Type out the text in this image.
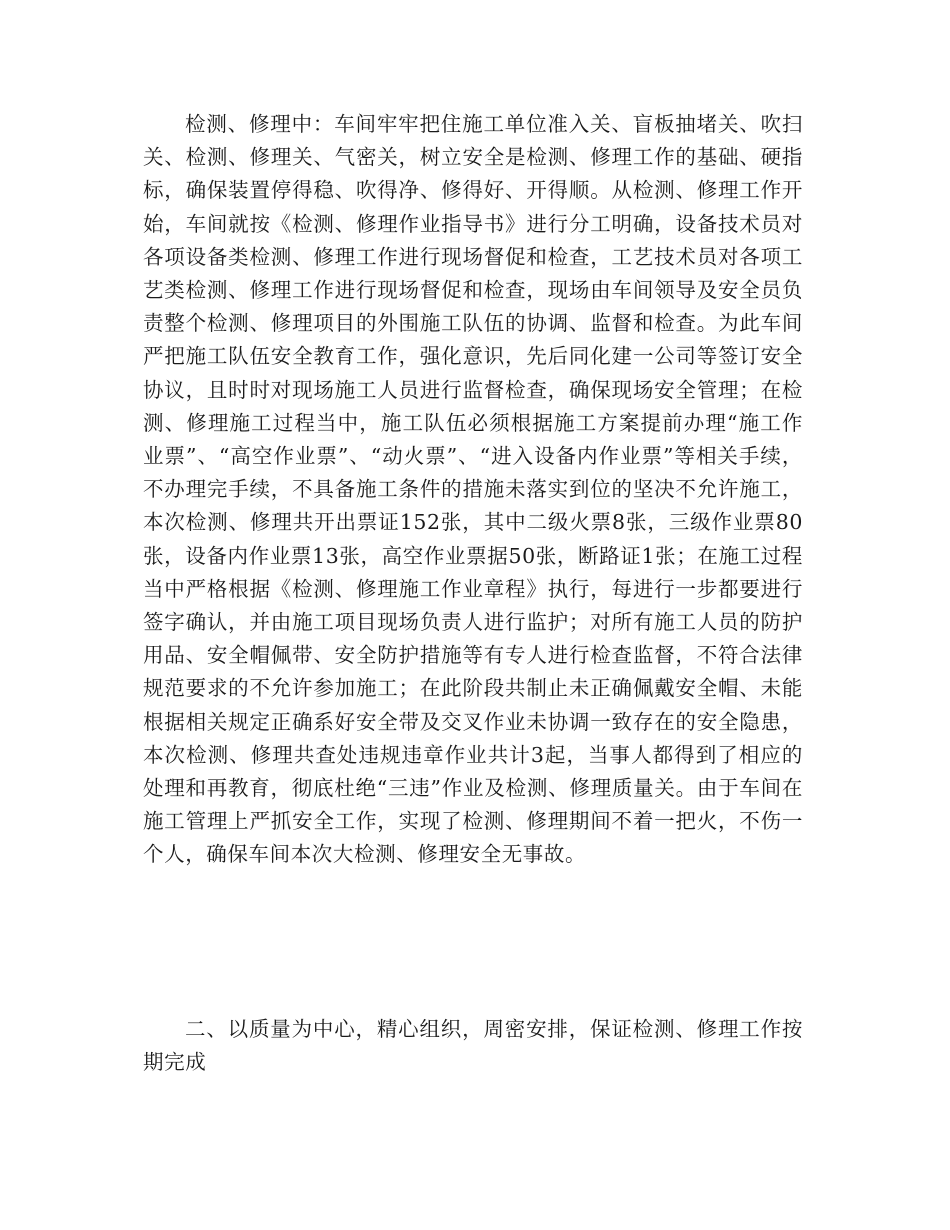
检测、修理中：车间牢牢把住施工单位准入关、盲板抽堵关、吹扫关、检测、修理关、气密关，树立安全是检测、修理工作的基础、硬指标，确保装置停得稳、吹得净、修得好、开得顺。从检测、修理工作开始，车间就按《检测、修理作业指导书》进行分工明确，设备技术员对各项设备类检测、修理工作进行现场督促和检查，工艺技术员对各项工艺类检测、修理工作进行现场督促和检查，现场由车间领导及安全员负责整个检测、修理项目的外围施工队伍的协调、监督和检查。为此车间严把施工队伍安全教育工作，强化意识，先后同化建一公司等签订安全协议，且时时对现场施工人员进行监督检查，确保现场安全管理；在检测、修理施工过程当中，施工队伍必须根据施工方案提前办理“施工作业票”、“高空作业票”、“动火票”、“进入设备内作业票”等相关手续，不办理完手续，不具备施工条件的措施未落实到位的坚决不允许施工，本次检测、修理共开出票证152张，其中二级火票8张，三级作业票80张，设备内作业票13张，高空作业票据50张，断路证1张；在施工过程当中严格根据《检测、修理施工作业章程》执行，每进行一步都要进行签字确认，并由施工项目现场负责人进行监护；对所有施工人员的防护用品、安全帽佩带、安全防护措施等有专人进行检查监督，不符合法律规范要求的不允许参加施工；在此阶段共制止未正确佩戴安全帽、未能根据相关规定正确系好安全带及交叉作业未协调一致存在的安全隐患，本次检测、修理共查处违规违章作业共计3起，当事人都得到了相应的处理和再教育，彻底杜绝“三违”作业及检测、修理质量关。由于车间在施工管理上严抓安全工作，实现了检测、修理期间不着一把火，不伤一个人，确保车间本次大检测、修理安全无事故。

二、以质量为中心，精心组织，周密安排，保证检测、修理工作按期完成
